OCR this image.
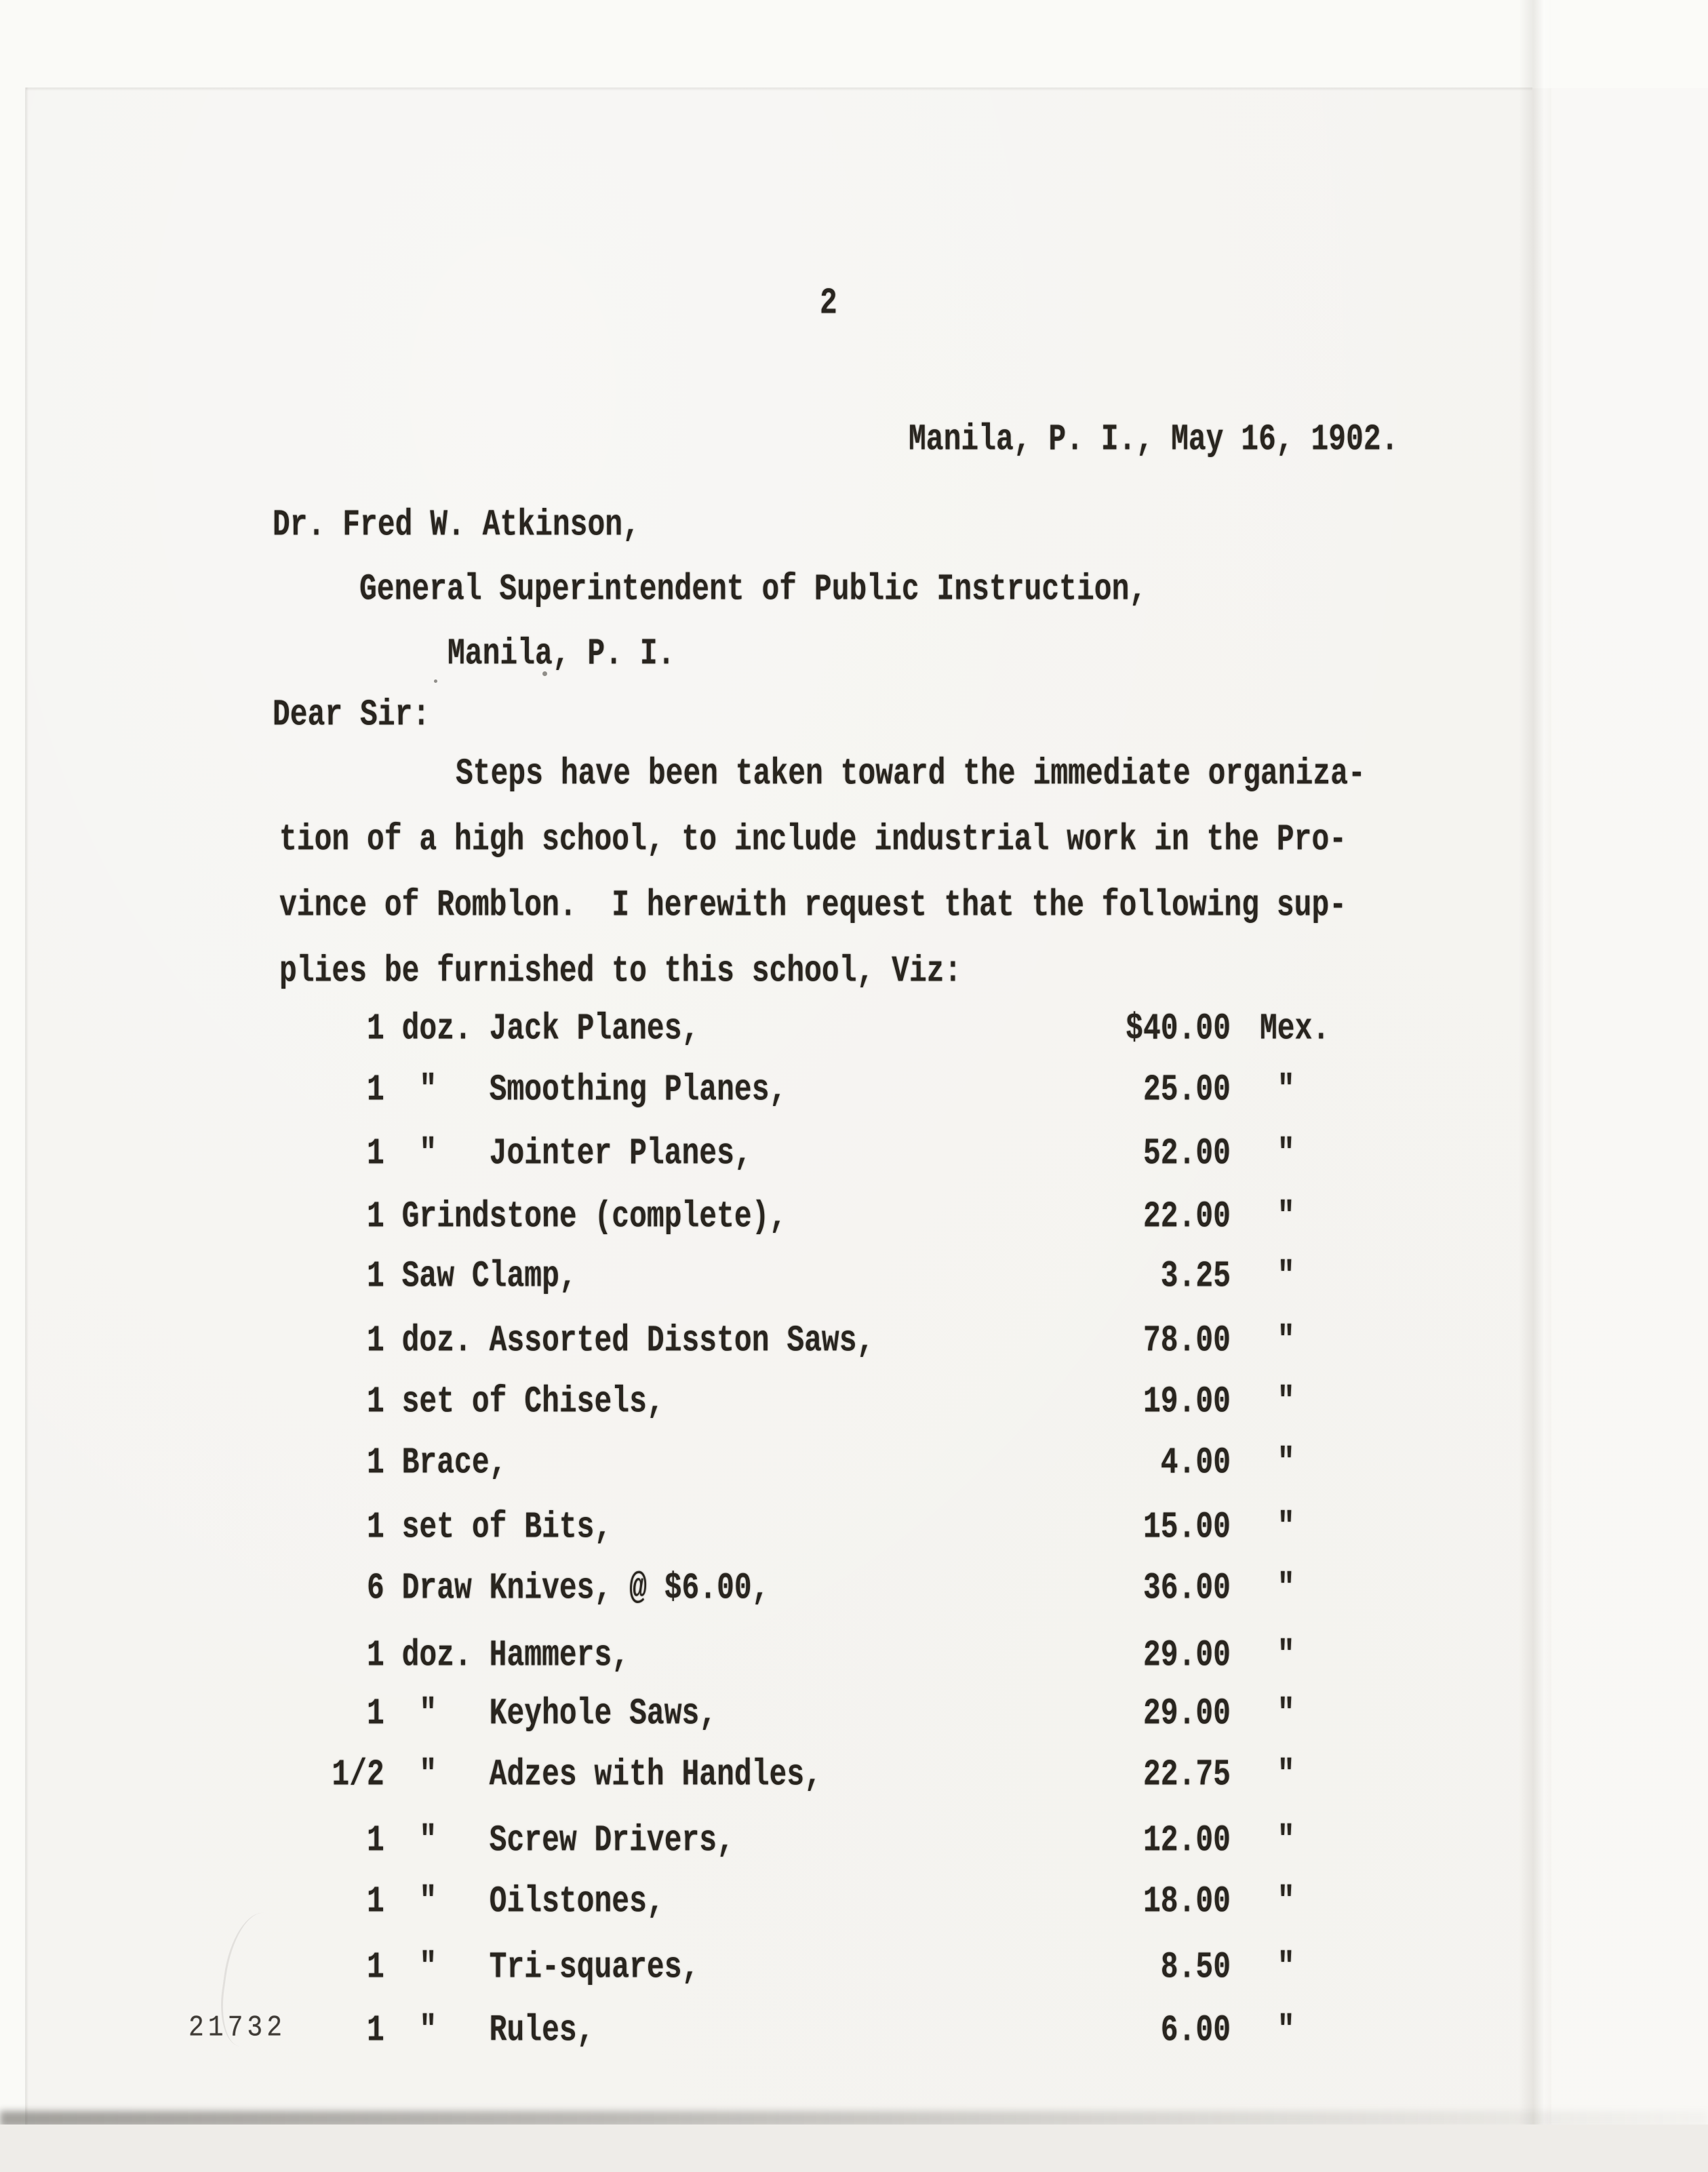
2
Manila, P. I., May 16, 1902.
Dr. Fred W. Atkinson,
General Superintendent of Public Instruction,
Manila, P. I.
Dear Sir:
Steps have been taken toward the immediate organiza-
tion of a high school, to include industrial work in the Pro-
vince of Romblon.  I herewith request that the following sup-
plies be furnished to this school, Viz:
1 doz. Jack Planes,	$40.00 Mex.
1  "   Smoothing Planes,	25.00 "
1  "   Jointer Planes,	52.00 "
1 Grindstone (complete),	22.00 "
1 Saw Clamp,	3.25 "
1 doz. Assorted Disston Saws,	78.00 "
1 set of Chisels,	19.00 "
1 Brace,	4.00 "
1 set of Bits,	15.00 "
6 Draw Knives, @ $6.00,	36.00 "
1 doz. Hammers,	29.00 "
1  "   Keyhole Saws,	29.00 "
1/2  "   Adzes with Handles,	22.75 "
1  "   Screw Drivers,	12.00 "
1  "   Oilstones,	18.00 "
1  "   Tri-squares,	8.50 "
1  "   Rules,	6.00 "
21732
